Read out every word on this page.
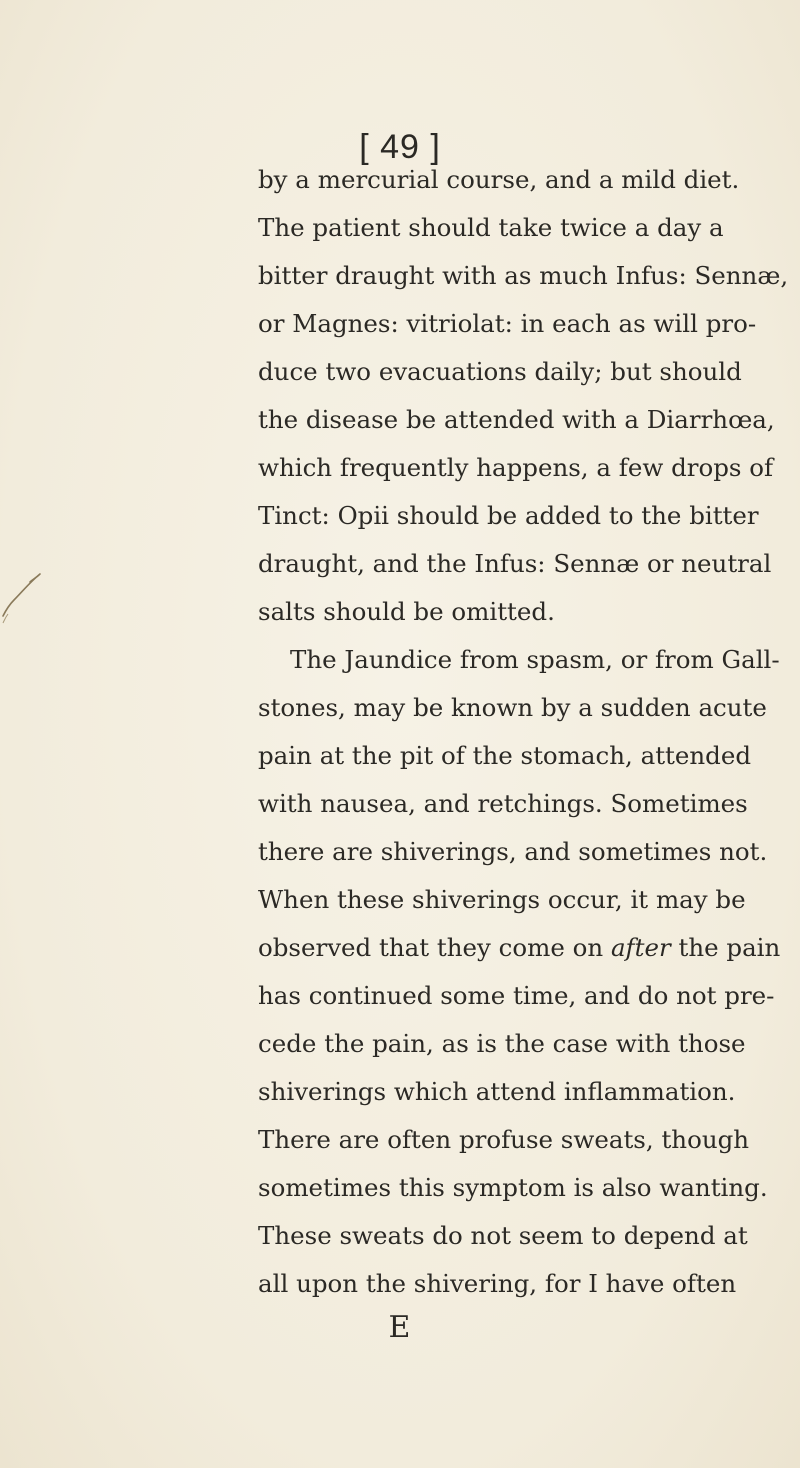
[ 49 ]
by a mercurial course, and a mild diet.
The patient should take twice a day a
bitter draught with as much Infus: Sennæ,
or Magnes: vitriolat: in each as will pro-
duce two evacuations daily; but should
the disease be attended with a Diarrhœa,
which frequently happens, a few drops of
Tinct: Opii should be added to the bitter
draught, and the Infus: Sennæ or neutral
salts should be omitted.
The Jaundice from spasm, or from Gall-
stones, may be known by a sudden acute
pain at the pit of the stomach, attended
with nausea, and retchings. Sometimes
there are shiverings, and sometimes not.
When these shiverings occur, it may be
observed that they come on after the pain
has continued some time, and do not pre-
cede the pain, as is the case with those
shiverings which attend inflammation.
There are often profuse sweats, though
sometimes this symptom is also wanting.
These sweats do not seem to depend at
all upon the shivering, for I have often
E
